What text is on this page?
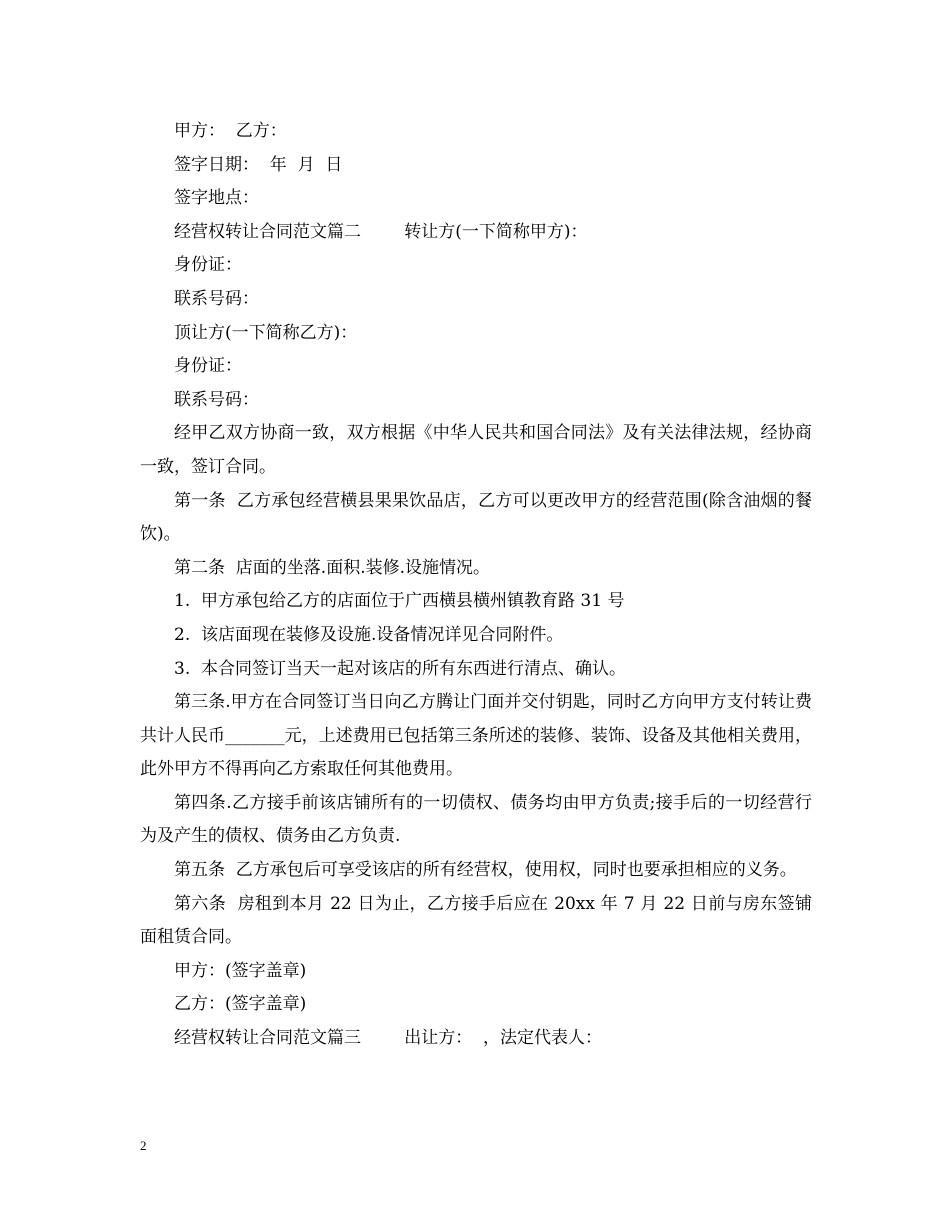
甲方：  乙方：

签字日期：  年  月  日

签字地点：

经营权转让合同范文篇二        转让方(一下简称甲方)：

身份证：

联系号码：

顶让方(一下简称乙方)：

身份证：

联系号码：

经甲乙双方协商一致，双方根据《中华人民共和国合同法》及有关法律法规，经协商一致，签订合同。

第一条  乙方承包经营横县果果饮品店，乙方可以更改甲方的经营范围(除含油烟的餐饮)。

第二条  店面的坐落.面积.装修.设施情况。

1.  甲方承包给乙方的店面位于广西横县横州镇教育路 31 号

2.  该店面现在装修及设施.设备情况详见合同附件。

3.  本合同签订当天一起对该店的所有东西进行清点、确认。

第三条.甲方在合同签订当日向乙方腾让门面并交付钥匙，同时乙方向甲方支付转让费共计人民币_______元，上述费用已包括第三条所述的装修、装饰、设备及其他相关费用，此外甲方不得再向乙方索取任何其他费用。

第四条.乙方接手前该店铺所有的一切债权、债务均由甲方负责;接手后的一切经营行为及产生的债权、债务由乙方负责.

第五条  乙方承包后可享受该店的所有经营权，使用权，同时也要承担相应的义务。

第六条  房租到本月 22 日为止，乙方接手后应在 20xx 年 7 月 22 日前与房东签铺面租赁合同。

甲方：(签字盖章)

乙方：(签字盖章)

经营权转让合同范文篇三        出让方：  ，法定代表人：

2
